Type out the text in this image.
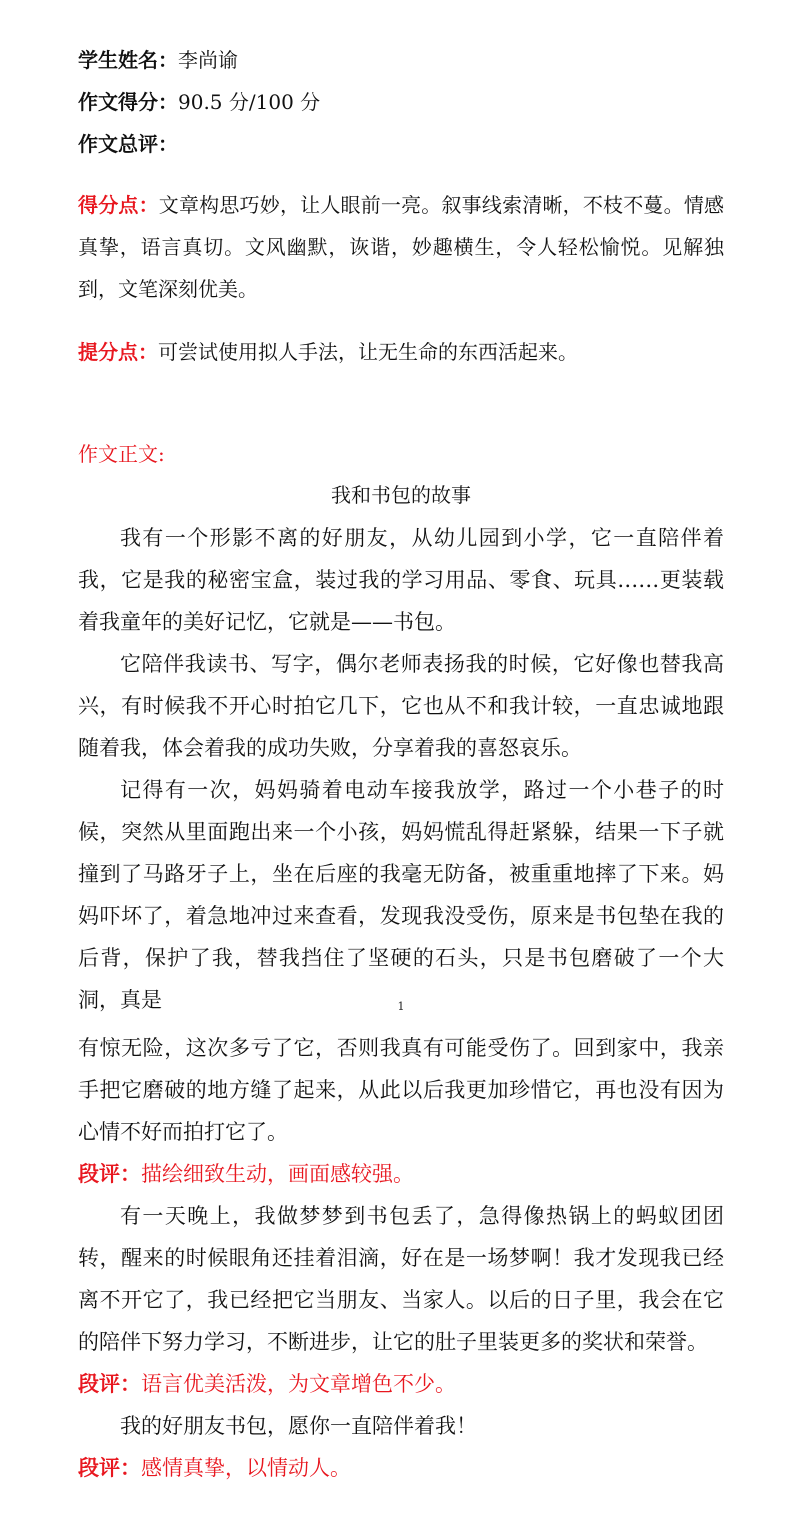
学生姓名：李尚谕
作文得分：90.5 分/100 分
作文总评：
得分点：文章构思巧妙，让人眼前一亮。叙事线索清晰，不枝不蔓。情感真挚，语言真切。文风幽默，诙谐，妙趣横生，令人轻松愉悦。见解独到，文笔深刻优美。
提分点：可尝试使用拟人手法，让无生命的东西活起来。
作文正文:
我和书包的故事
我有一个形影不离的好朋友，从幼儿园到小学，它一直陪伴着我，它是我的秘密宝盒，装过我的学习用品、零食、玩具……更装载着我童年的美好记忆，它就是——书包。
它陪伴我读书、写字，偶尔老师表扬我的时候，它好像也替我高兴，有时候我不开心时拍它几下，它也从不和我计较，一直忠诚地跟随着我，体会着我的成功失败，分享着我的喜怒哀乐。
记得有一次，妈妈骑着电动车接我放学，路过一个小巷子的时候，突然从里面跑出来一个小孩，妈妈慌乱得赶紧躲，结果一下子就撞到了马路牙子上，坐在后座的我毫无防备，被重重地摔了下来。妈妈吓坏了，着急地冲过来查看，发现我没受伤，原来是书包垫在我的后背，保护了我，替我挡住了坚硬的石头，只是书包磨破了一个大洞，真是	1
有惊无险，这次多亏了它，否则我真有可能受伤了。回到家中，我亲手把它磨破的地方缝了起来，从此以后我更加珍惜它，再也没有因为心情不好而拍打它了。
段评：描绘细致生动，画面感较强。
有一天晚上，我做梦梦到书包丢了，急得像热锅上的蚂蚁团团转，醒来的时候眼角还挂着泪滴，好在是一场梦啊！我才发现我已经离不开它了，我已经把它当朋友、当家人。以后的日子里，我会在它的陪伴下努力学习，不断进步，让它的肚子里装更多的奖状和荣誉。
段评：语言优美活泼，为文章增色不少。
我的好朋友书包，愿你一直陪伴着我！
段评：感情真挚，以情动人。
